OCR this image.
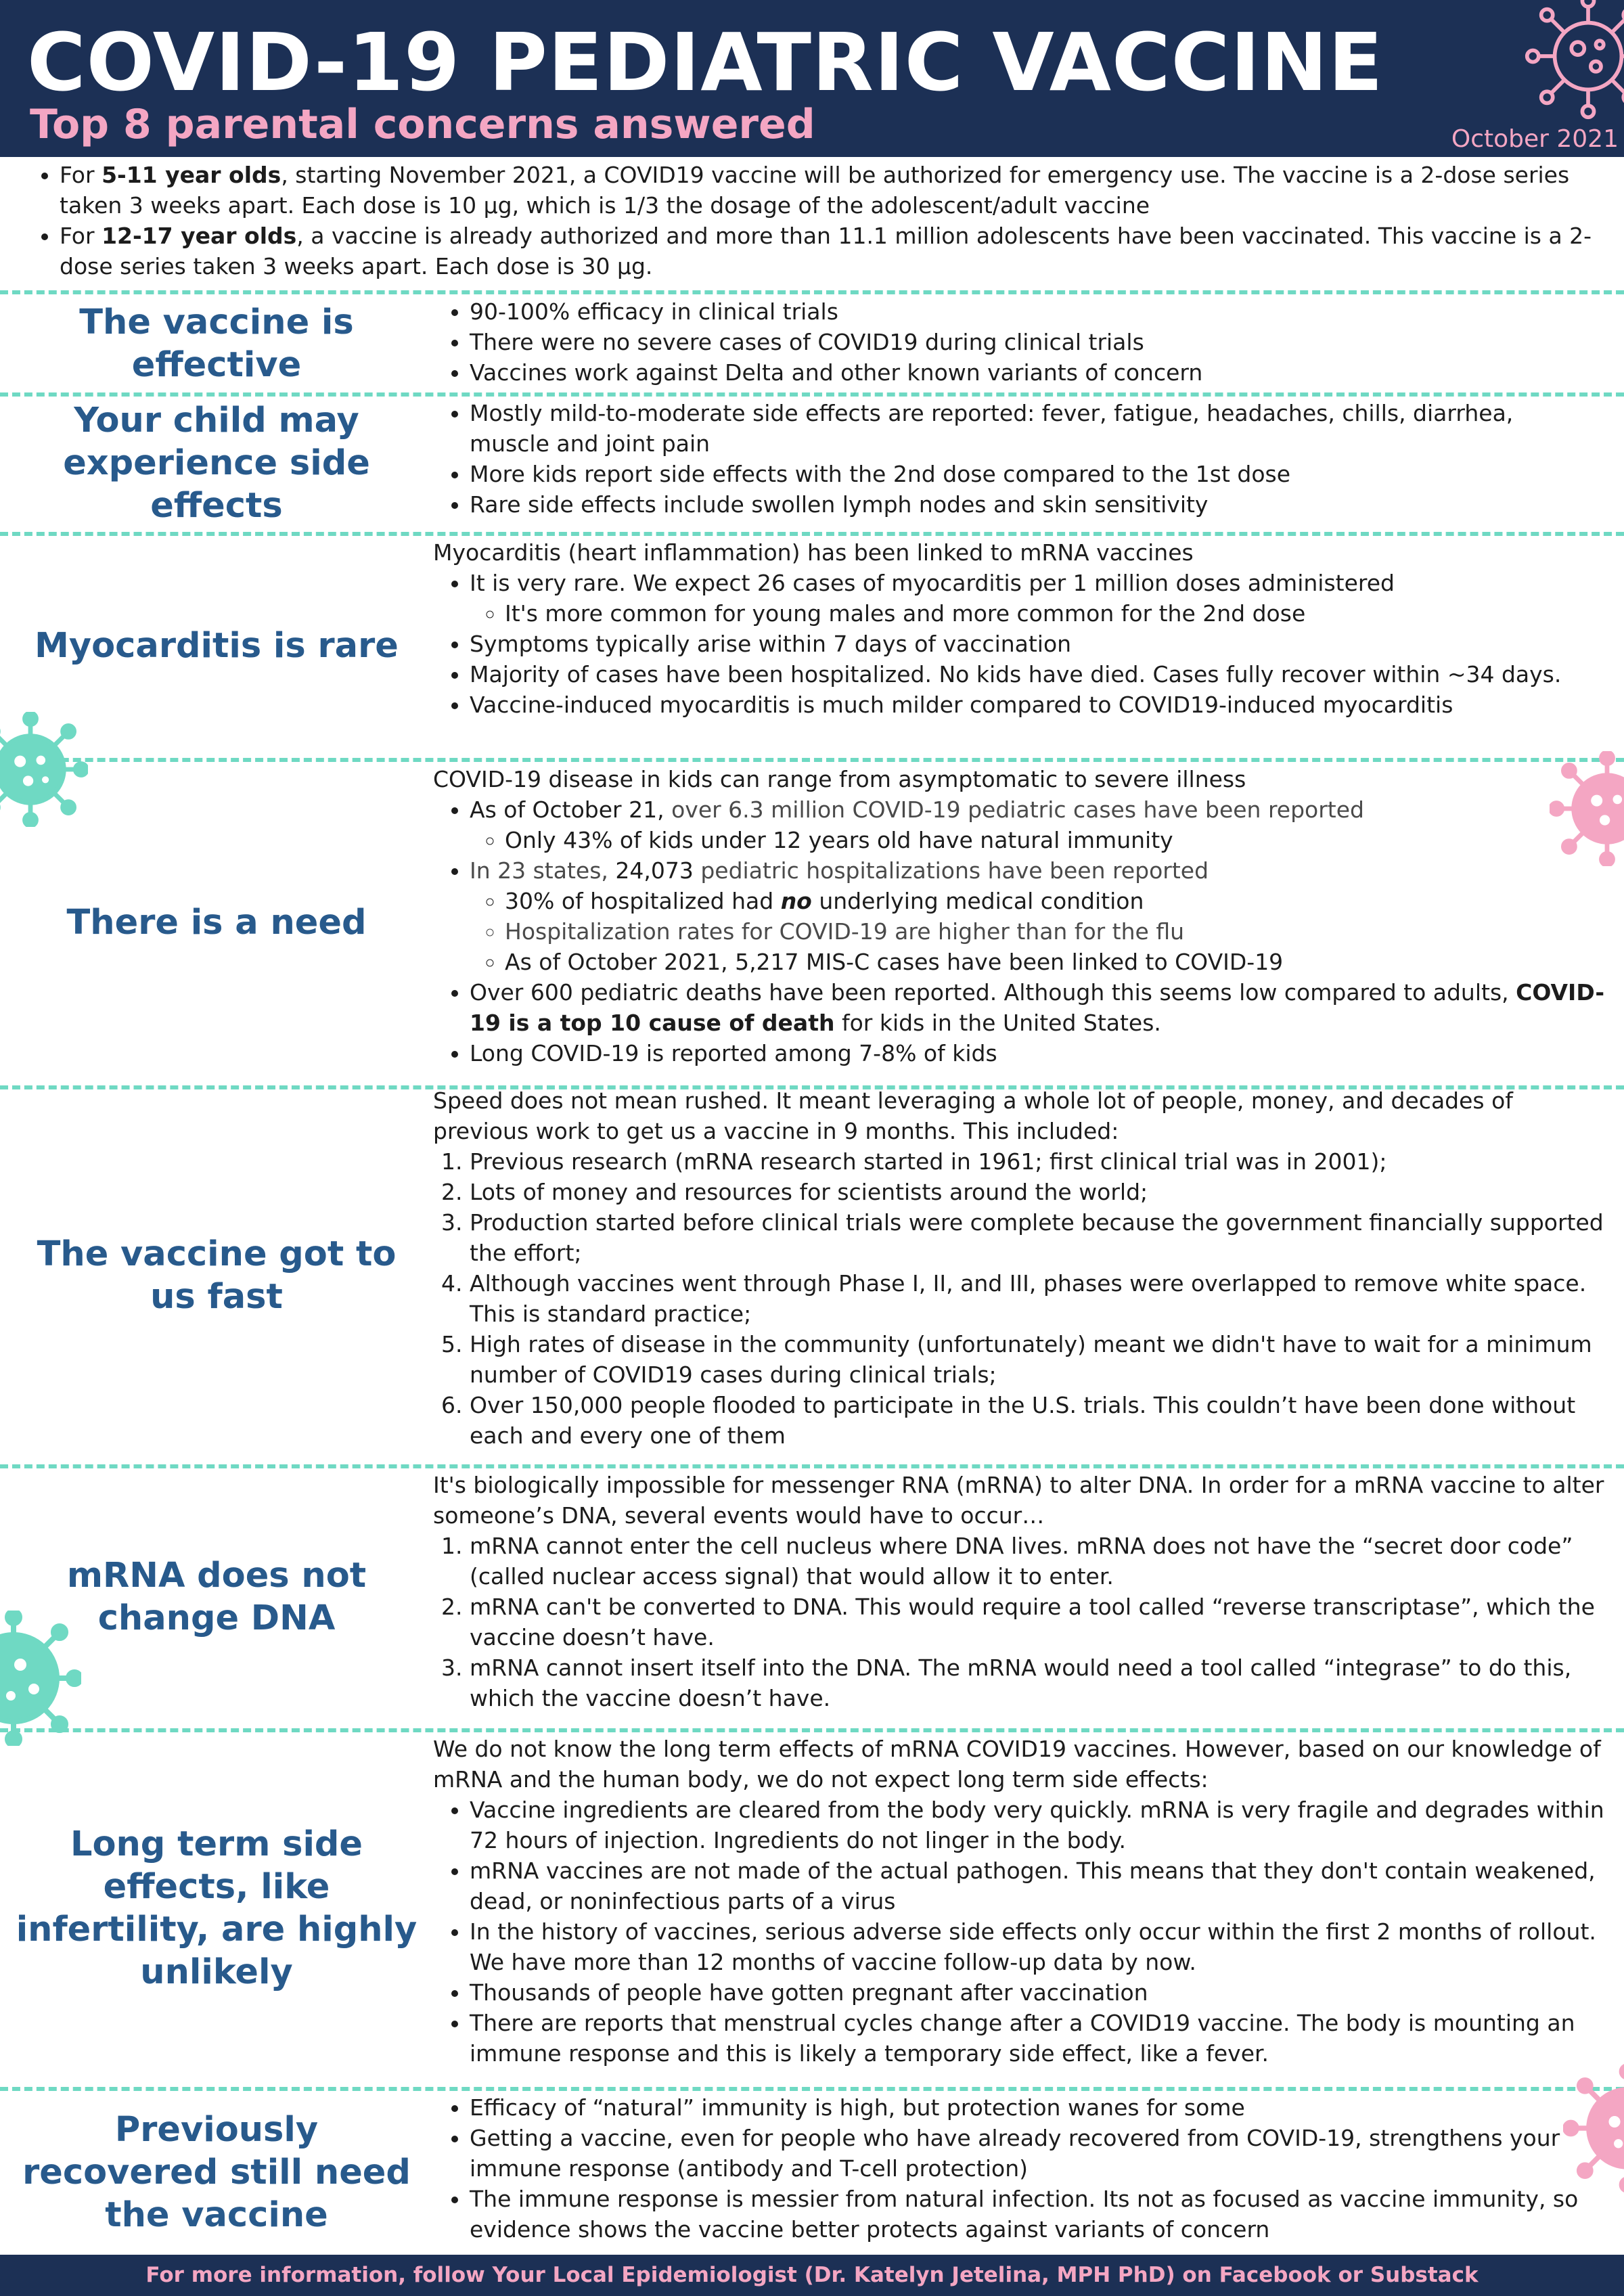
COVID-19 PEDIATRIC VACCINE
Top 8 parental concerns answered	October 2021
• For 5-11 year olds, starting November 2021, a COVID19 vaccine will be authorized for emergency use. The vaccine is a 2-dose series taken 3 weeks apart. Each dose is 10 µg, which is 1/3 the dosage of the adolescent/adult vaccine
• For 12-17 year olds, a vaccine is already authorized and more than 11.1 million adolescents have been vaccinated. This vaccine is a 2-dose series taken 3 weeks apart. Each dose is 30 µg.
The vaccine is effective
• 90-100% efficacy in clinical trials
• There were no severe cases of COVID19 during clinical trials
• Vaccines work against Delta and other known variants of concern
Your child may experience side effects
• Mostly mild-to-moderate side effects are reported: fever, fatigue, headaches, chills, diarrhea, muscle and joint pain
• More kids report side effects with the 2nd dose compared to the 1st dose
• Rare side effects include swollen lymph nodes and skin sensitivity
Myocarditis is rare

Myocarditis (heart inflammation) has been linked to mRNA vaccines

• It is very rare. We expect 26 cases of myocarditis per 1 million doses administered
◦ It's more common for young males and more common for the 2nd dose
• Symptoms typically arise within 7 days of vaccination
• Majority of cases have been hospitalized. No kids have died. Cases fully recover within ~34 days.
• Vaccine-induced myocarditis is much milder compared to COVID19-induced myocarditis
There is a need

COVID-19 disease in kids can range from asymptomatic to severe illness

• As of October 21, over 6.3 million COVID-19 pediatric cases have been reported
◦ Only 43% of kids under 12 years old have natural immunity
• In 23 states, 24,073 pediatric hospitalizations have been reported
◦ 30% of hospitalized had no underlying medical condition
◦ Hospitalization rates for COVID-19 are higher than for the flu
◦ As of October 2021, 5,217 MIS-C cases have been linked to COVID-19
• Over 600 pediatric deaths have been reported. Although this seems low compared to adults, COVID-19 is a top 10 cause of death for kids in the United States.
• Long COVID-19 is reported among 7-8% of kids
The vaccine got to us fast

Speed does not mean rushed. It meant leveraging a whole lot of people, money, and decades of previous work to get us a vaccine in 9 months. This included:

1. Previous research (mRNA research started in 1961; first clinical trial was in 2001);
2. Lots of money and resources for scientists around the world;
3. Production started before clinical trials were complete because the government financially supported the effort;
4. Although vaccines went through Phase I, II, and III, phases were overlapped to remove white space. This is standard practice;
5. High rates of disease in the community (unfortunately) meant we didn't have to wait for a minimum number of COVID19 cases during clinical trials;
6. Over 150,000 people flooded to participate in the U.S. trials. This couldn’t have been done without each and every one of them
mRNA does not change DNA

It's biologically impossible for messenger RNA (mRNA) to alter DNA. In order for a mRNA vaccine to alter someone’s DNA, several events would have to occur…

1. mRNA cannot enter the cell nucleus where DNA lives. mRNA does not have the “secret door code” (called nuclear access signal) that would allow it to enter.
2. mRNA can't be converted to DNA. This would require a tool called “reverse transcriptase”, which the vaccine doesn’t have.
3. mRNA cannot insert itself into the DNA. The mRNA would need a tool called “integrase” to do this, which the vaccine doesn’t have.
Long term side effects, like infertility, are highly unlikely

We do not know the long term effects of mRNA COVID19 vaccines. However, based on our knowledge of mRNA and the human body, we do not expect long term side effects:

• Vaccine ingredients are cleared from the body very quickly. mRNA is very fragile and degrades within 72 hours of injection. Ingredients do not linger in the body.
• mRNA vaccines are not made of the actual pathogen. This means that they don't contain weakened, dead, or noninfectious parts of a virus
• In the history of vaccines, serious adverse side effects only occur within the first 2 months of rollout. We have more than 12 months of vaccine follow-up data by now.
• Thousands of people have gotten pregnant after vaccination
• There are reports that menstrual cycles change after a COVID19 vaccine. The body is mounting an immune response and this is likely a temporary side effect, like a fever.
Previously recovered still need the vaccine
• Efficacy of “natural” immunity is high, but protection wanes for some
• Getting a vaccine, even for people who have already recovered from COVID-19, strengthens your immune response (antibody and T-cell protection)
• The immune response is messier from natural infection. Its not as focused as vaccine immunity, so evidence shows the vaccine better protects against variants of concern
For more information, follow Your Local Epidemiologist (Dr. Katelyn Jetelina, MPH PhD) on Facebook or Substack
